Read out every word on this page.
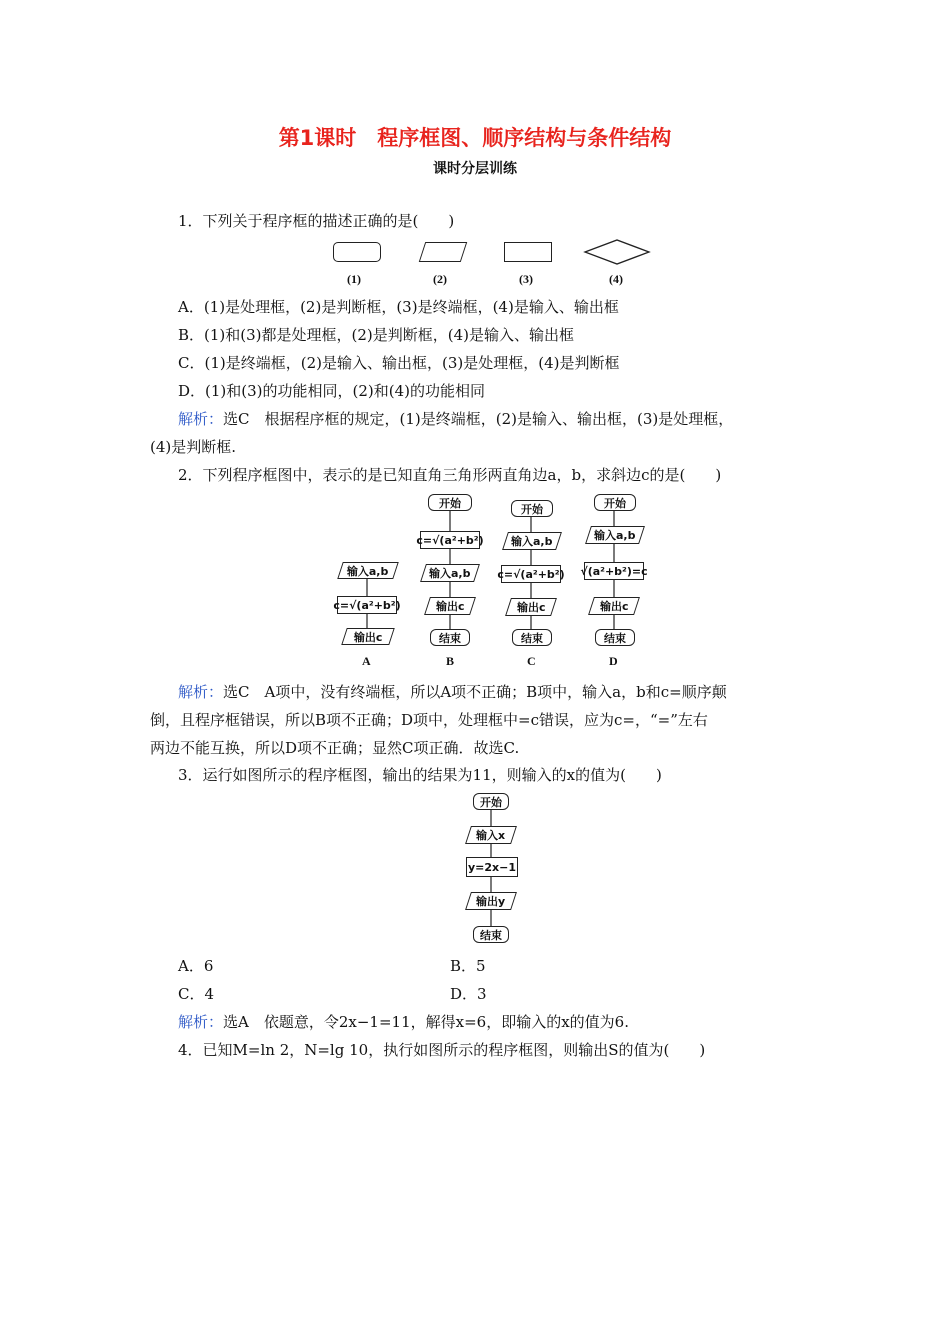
第1课时　程序框图、顺序结构与条件结构
课时分层训练
1．下列关于程序框的描述正确的是(　　)
(1)	(2)	(3)	(4)
A．(1)是处理框，(2)是判断框，(3)是终端框，(4)是输入、输出框
B．(1)和(3)都是处理框，(2)是判断框，(4)是输入、输出框
C．(1)是终端框，(2)是输入、输出框，(3)是处理框，(4)是判断框
D．(1)和(3)的功能相同，(2)和(4)的功能相同
解析：选C　根据程序框的规定，(1)是终端框，(2)是输入、输出框，(3)是处理框，
(4)是判断框.
2．下列程序框图中，表示的是已知直角三角形两直角边a，b，求斜边c的是(　　)
输入a,b
c=√(a²+b²)
输出c
A
开始
c=√(a²+b²)
输入a,b
输出c
结束
B
开始
输入a,b
c=√(a²+b²)
输出c
结束
C
开始
输入a,b
√(a²+b²)=c
输出c
结束
D
解析：选C　A项中，没有终端框，所以A项不正确；B项中，输入a，b和c=顺序颠
倒，且程序框错误，所以B项不正确；D项中，处理框中=c错误，应为c=，“=”左右
两边不能互换，所以D项不正确；显然C项正确．故选C.
3．运行如图所示的程序框图，输出的结果为11，则输入的x的值为(　　)
开始
输入x
y=2x−1
输出y
结束
A．6	B．5
C．4	D．3
解析：选A　依题意，令2x−1=11，解得x=6，即输入的x的值为6.
4．已知M=ln 2，N=lg 10，执行如图所示的程序框图，则输出S的值为(　　)
